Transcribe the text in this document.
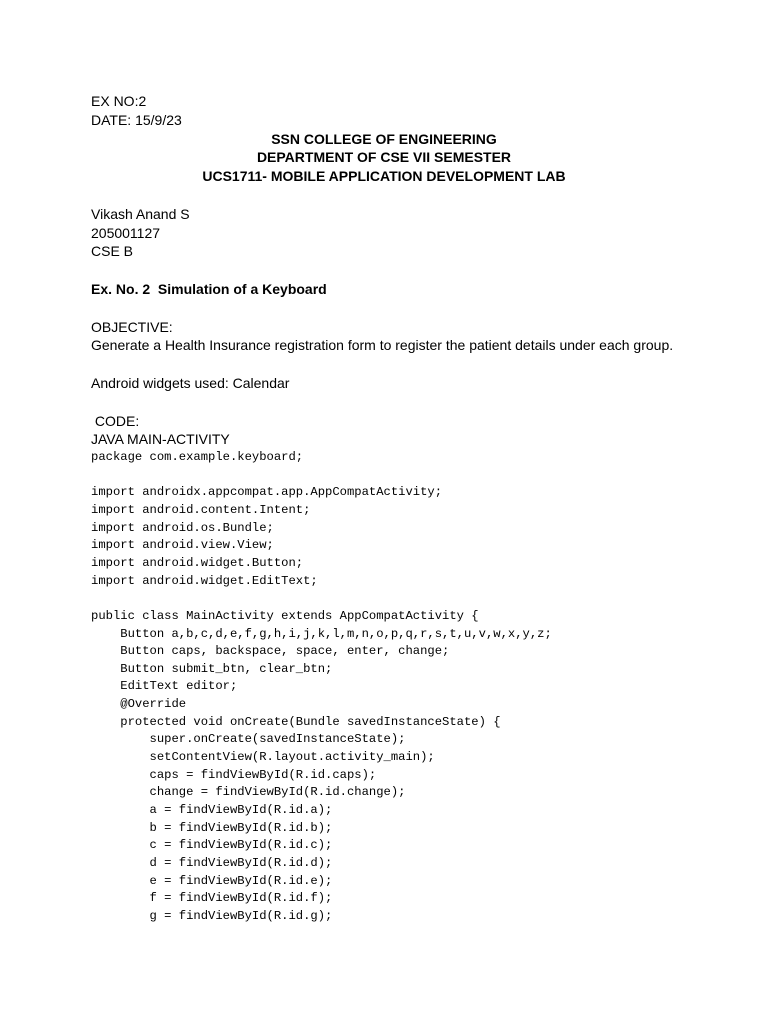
EX NO:2
DATE: 15/9/23
SSN COLLEGE OF ENGINEERING
DEPARTMENT OF CSE VII SEMESTER
UCS1711- MOBILE APPLICATION DEVELOPMENT LAB
Vikash Anand S
205001127
CSE B
Ex. No. 2  Simulation of a Keyboard
OBJECTIVE:
Generate a Health Insurance registration form to register the patient details under each group.
Android widgets used: Calendar
CODE:
JAVA MAIN-ACTIVITY
package com.example.keyboard;
import androidx.appcompat.app.AppCompatActivity;
import android.content.Intent;
import android.os.Bundle;
import android.view.View;
import android.widget.Button;
import android.widget.EditText;
public class MainActivity extends AppCompatActivity {
Button a,b,c,d,e,f,g,h,i,j,k,l,m,n,o,p,q,r,s,t,u,v,w,x,y,z;
Button caps, backspace, space, enter, change;
Button submit_btn, clear_btn;
EditText editor;
@Override
protected void onCreate(Bundle savedInstanceState) {
super.onCreate(savedInstanceState);
setContentView(R.layout.activity_main);
caps = findViewById(R.id.caps);
change = findViewById(R.id.change);
a = findViewById(R.id.a);
b = findViewById(R.id.b);
c = findViewById(R.id.c);
d = findViewById(R.id.d);
e = findViewById(R.id.e);
f = findViewById(R.id.f);
g = findViewById(R.id.g);
